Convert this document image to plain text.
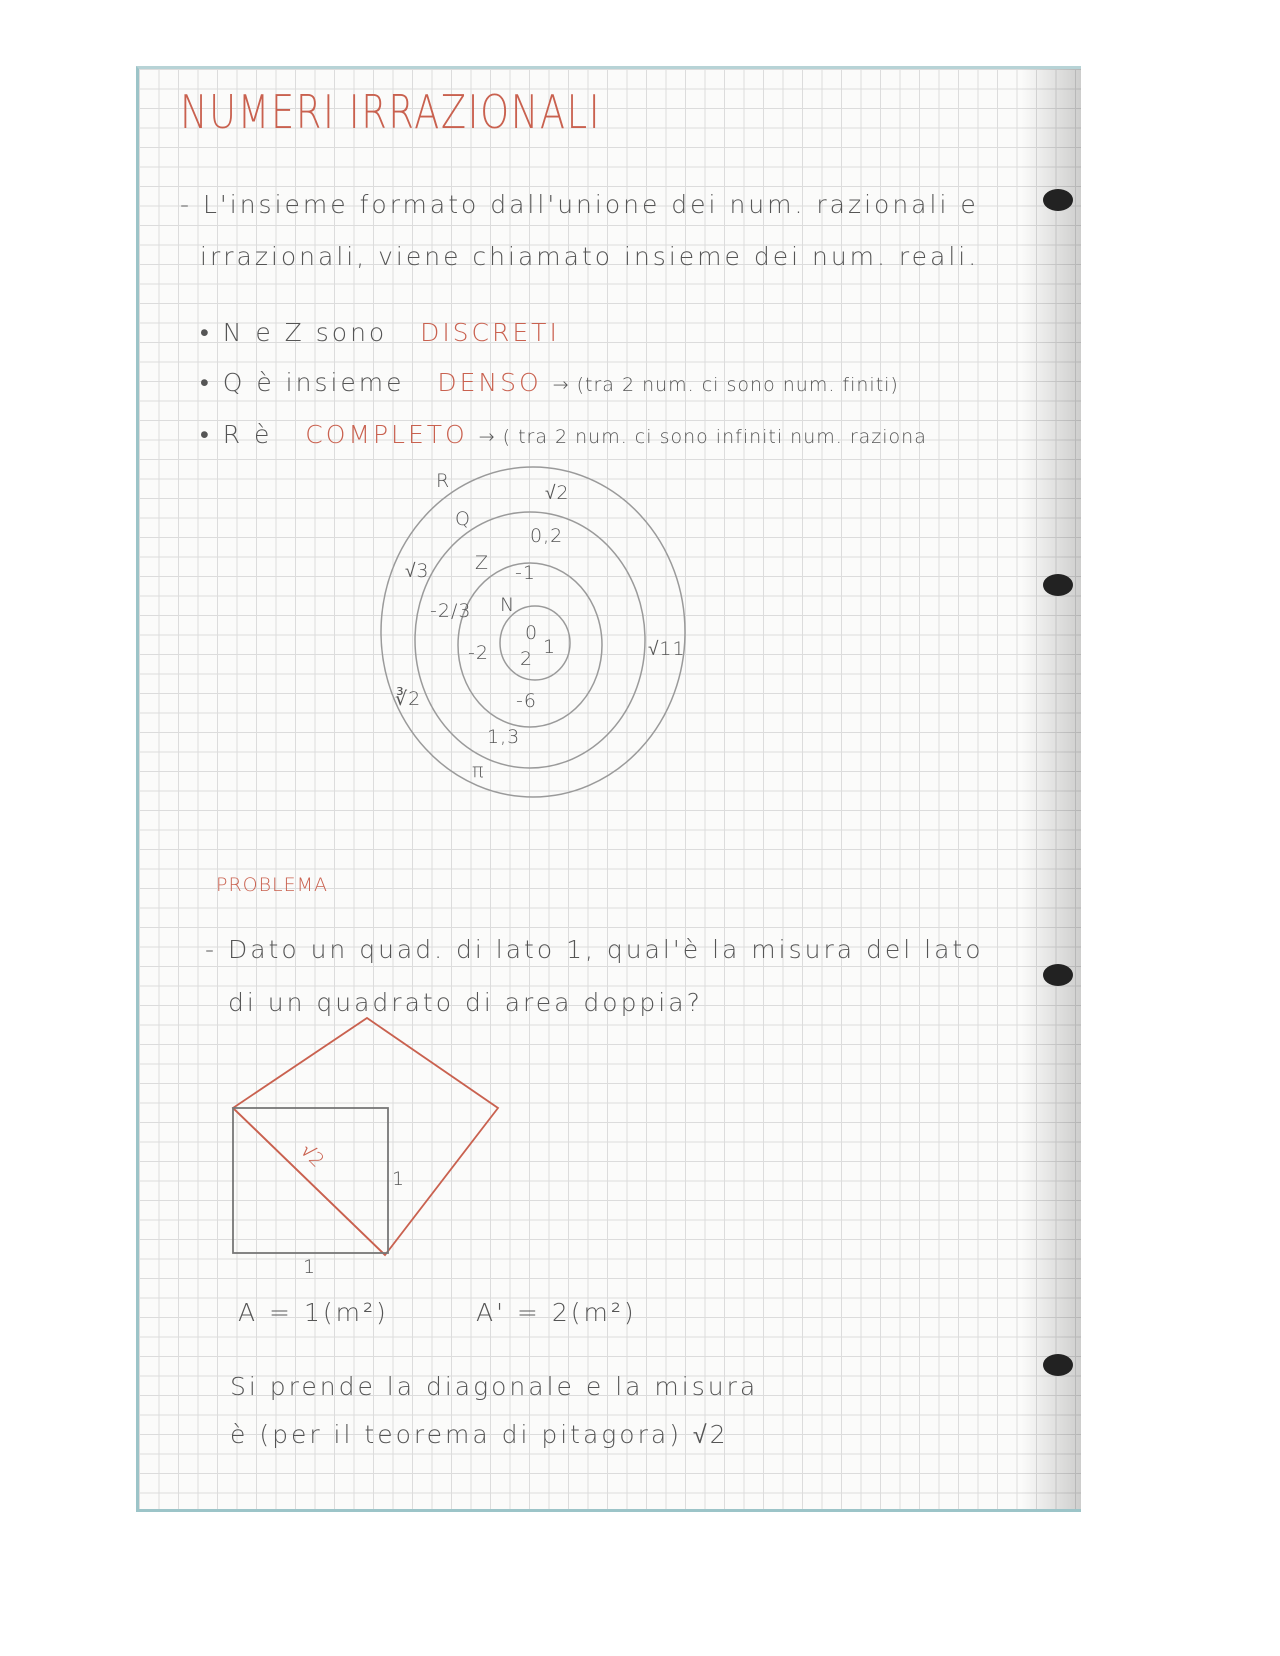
NUMERI IRRAZIONALI
- L'insieme formato dall'unione dei num. razionali e
irrazionali, viene chiamato insieme dei num. reali.
• N e Z sono DISCRETI
• Q è insieme DENSO → (tra 2 num. ci sono num. finiti)
• R è COMPLETO → ( tra 2 num. ci sono infiniti num. raziona
R
Q
Z
N
√2
0,2
-1
√3
-2/3
-2
0
1
2	√11
∛2	-6
1,3
π
PROBLEMA
- Dato un quad. di lato 1, qual'è la misura del lato
di un quadrato di area doppia?
√2
1
1
A = 1(m²)	A' = 2(m²)
Si prende la diagonale e la misura
è (per il teorema di pitagora) √2
